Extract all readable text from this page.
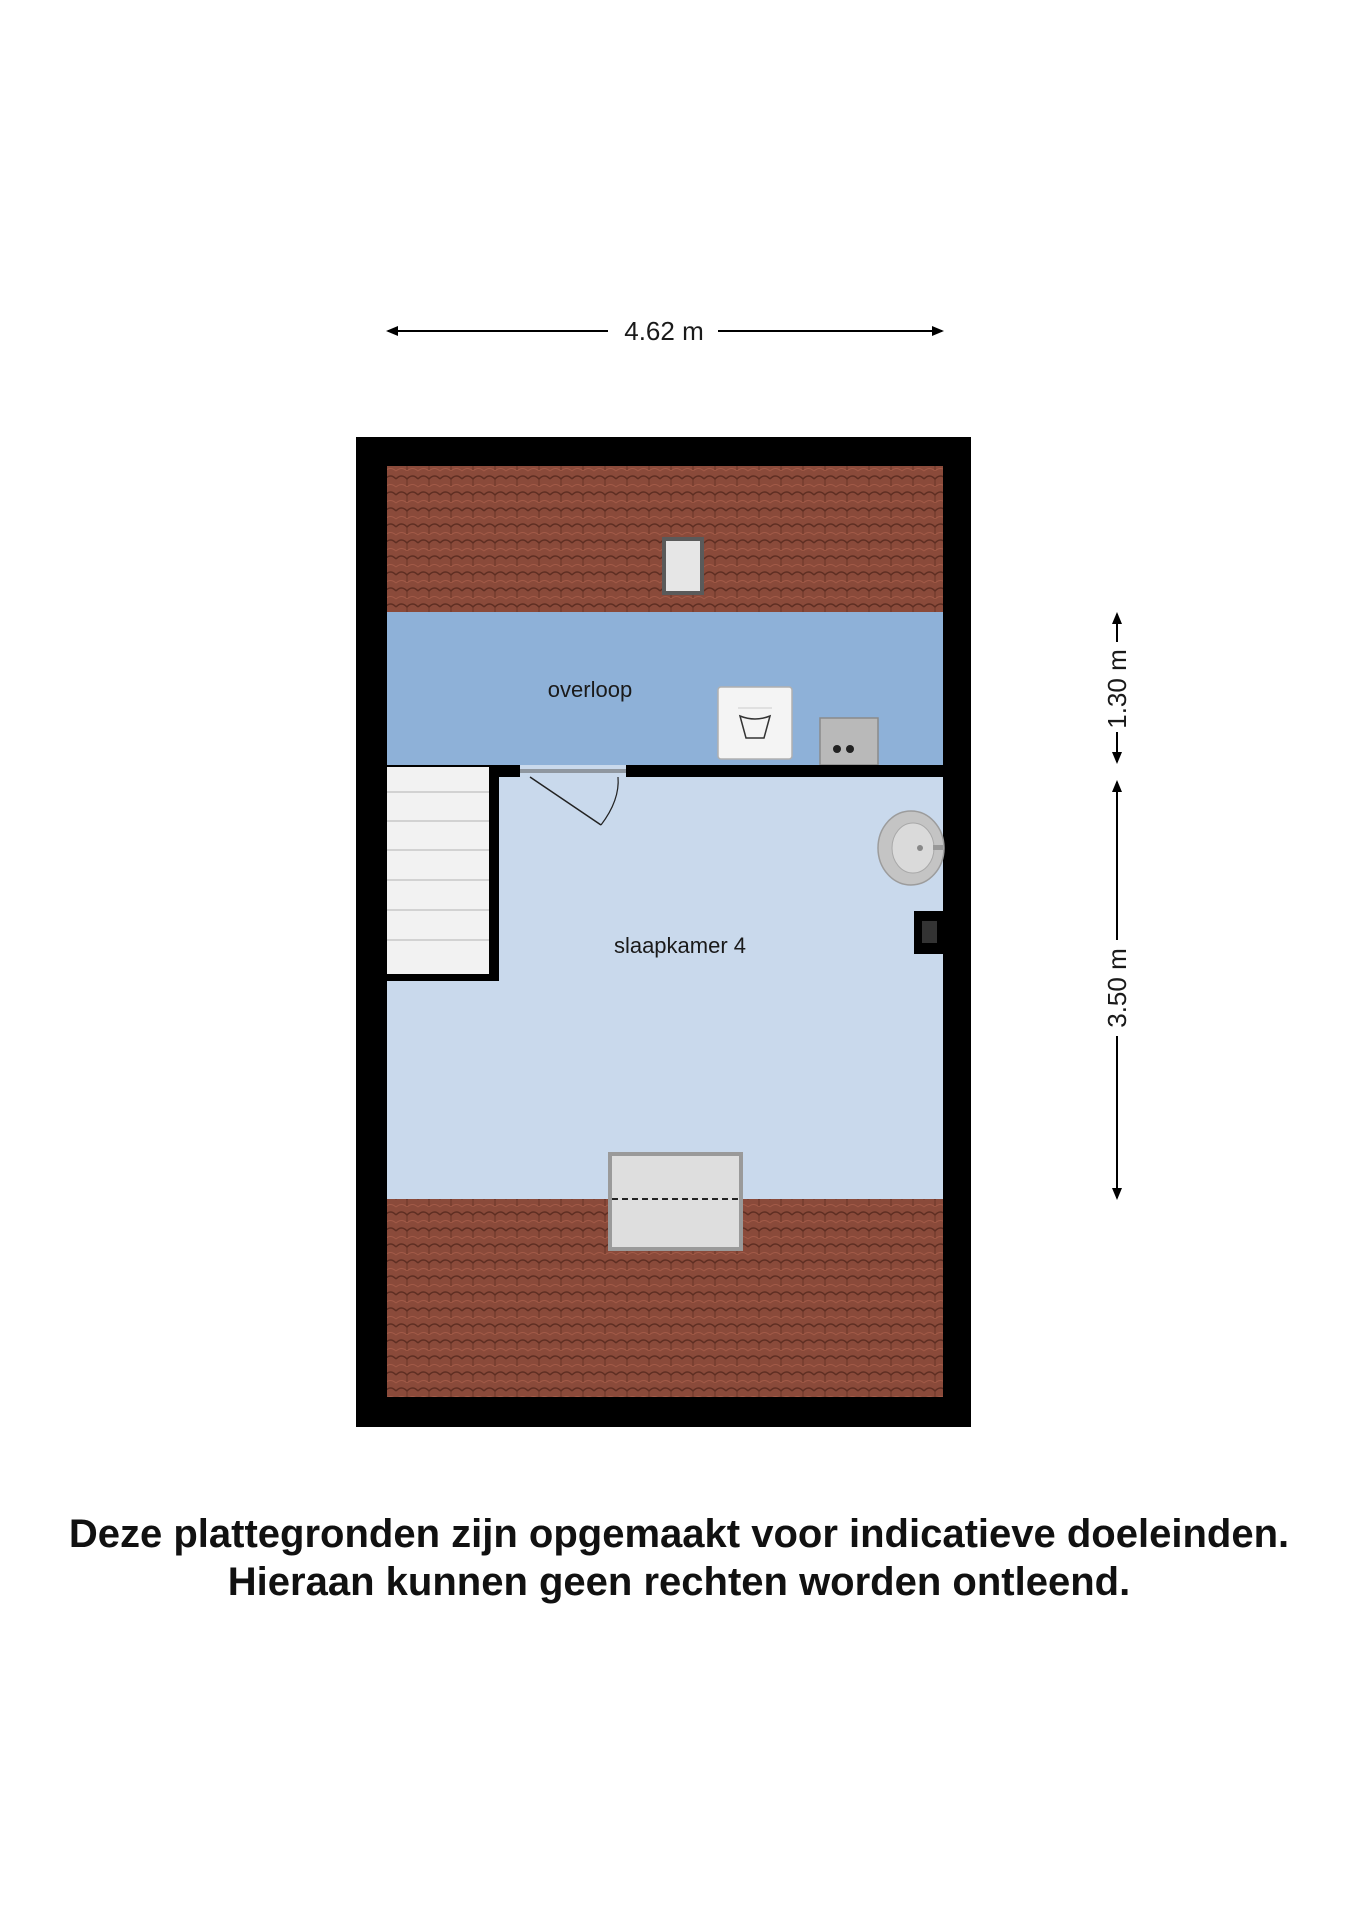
4.62 m
1.30 m
3.50 m
overloop
slaapkamer 4
Deze plattegronden zijn opgemaakt voor indicatieve doeleinden.
Hieraan kunnen geen rechten worden ontleend.
